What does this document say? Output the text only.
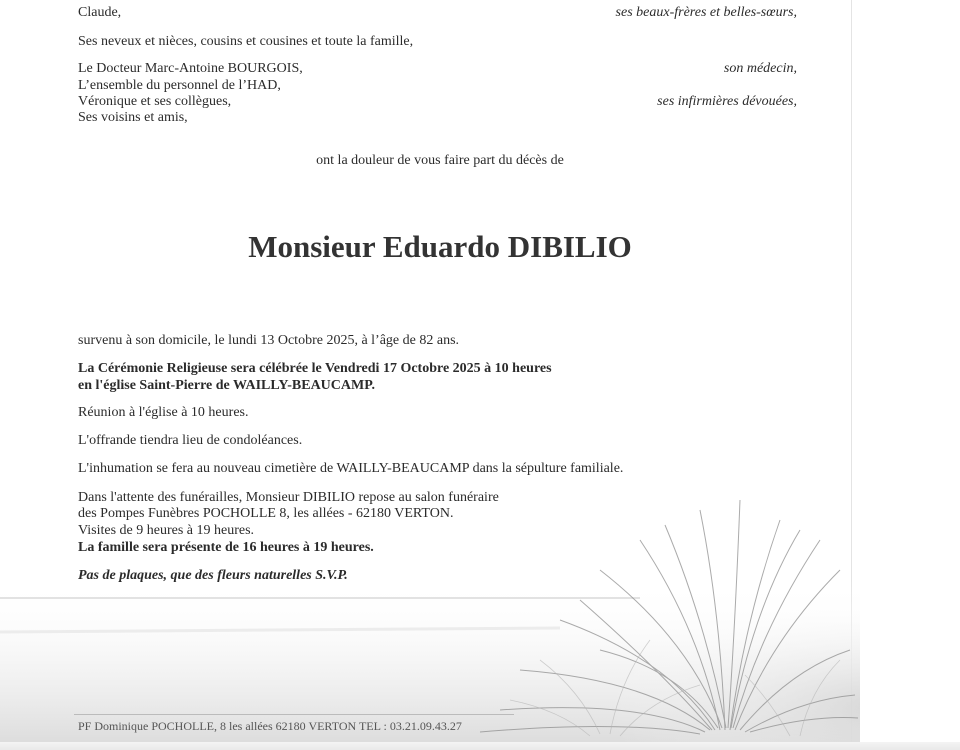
Claude,	ses beaux-frères et belles-sœurs,
Ses neveux et nièces, cousins et cousines et toute la famille,
Le Docteur Marc-Antoine BOURGOIS,	son médecin,
L’ensemble du personnel de l’HAD,
Véronique et ses collègues,	ses infirmières dévouées,
Ses voisins et amis,
ont la douleur de vous faire part du décès de
Monsieur Eduardo DIBILIO
survenu à son domicile, le lundi 13 Octobre 2025, à l’âge de 82 ans.
La Cérémonie Religieuse sera célébrée le Vendredi 17 Octobre 2025 à 10 heures
en l'église Saint-Pierre de WAILLY-BEAUCAMP.
Réunion à l'église à 10 heures.
L'offrande tiendra lieu de condoléances.
L'inhumation se fera au nouveau cimetière de WAILLY-BEAUCAMP dans la sépulture familiale.
Dans l'attente des funérailles, Monsieur DIBILIO repose au salon funéraire
des Pompes Funèbres POCHOLLE 8, les allées - 62180 VERTON.
Visites de 9 heures à 19 heures.
La famille sera présente de 16 heures à 19 heures.
Pas de plaques, que des fleurs naturelles S.V.P.
PF Dominique POCHOLLE, 8 les allées 62180 VERTON TEL : 03.21.09.43.27
